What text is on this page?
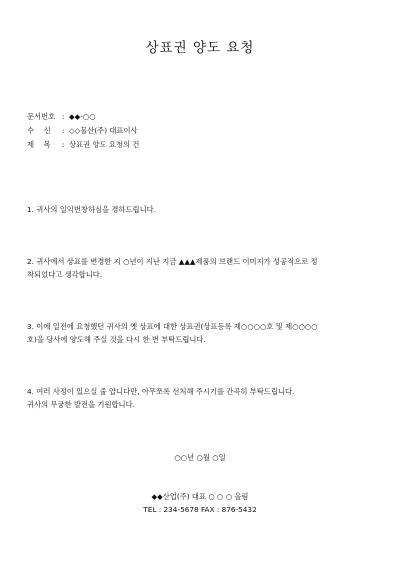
상표권 양도 요청
문서번호 : ◆◆-○○
수　 신	: ◇◇물산(주) 대표이사
제　 목	: 상표권 양도 요청의 건
1. 귀사의 일익번창하심을 경하드립니다.
2. 귀사에서 상표를 변경한 지 ○년이 지난 지금 ▲▲▲제품의 브랜드 이미지가 성공적으로 정
착되었다고 생각합니다.
3. 이에 일전에 요청했던 귀사의 옛 상표에 대한 상표권(상표등록 제○○○○호 및 제○○○○
호)을 당사에 양도해 주실 것을 다시 한 번 부탁드립니다.
4. 여러 사정이 있으실 줄 압니다만, 아무쪼록 선처해 주시기를 간곡히 부탁드립니다.
귀사의 무궁한 발전을 기원합니다.
○○년 ○월 ○일
◆◆산업(주) 대표 ○ ○ ○ 올림
TEL : 234-5678 FAX : 876-5432
